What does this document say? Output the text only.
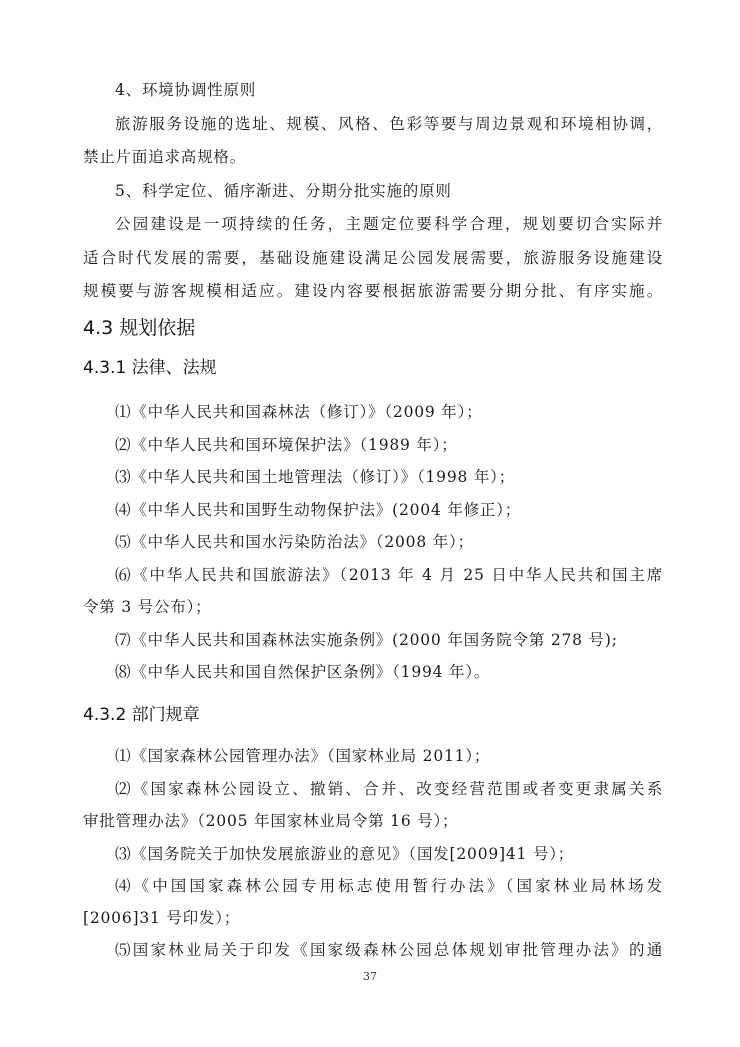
4、环境协调性原则
旅游服务设施的选址、规模、风格、色彩等要与周边景观和环境相协调，
禁止片面追求高规格。
5、科学定位、循序渐进、分期分批实施的原则
公园建设是一项持续的任务，主题定位要科学合理，规划要切合实际并
适合时代发展的需要，基础设施建设满足公园发展需要，旅游服务设施建设
规模要与游客规模相适应。建设内容要根据旅游需要分期分批、有序实施。
4.3 规划依据
4.3.1 法律、法规
⑴《中华人民共和国森林法（修订）》（2009 年）；
⑵《中华人民共和国环境保护法》（1989 年）；
⑶《中华人民共和国土地管理法（修订）》（1998 年）；
⑷《中华人民共和国野生动物保护法》(2004 年修正）；
⑸《中华人民共和国水污染防治法》（2008 年）；
⑹《中华人民共和国旅游法》（2013 年 4 月 25 日中华人民共和国主席
令第 3 号公布）；
⑺《中华人民共和国森林法实施条例》(2000 年国务院令第 278 号);
⑻《中华人民共和国自然保护区条例》（1994 年）。
4.3.2 部门规章
⑴《国家森林公园管理办法》（国家林业局 2011）；
⑵《国家森林公园设立、撤销、合并、改变经营范围或者变更隶属关系
审批管理办法》（2005 年国家林业局令第 16 号）；
⑶《国务院关于加快发展旅游业的意见》（国发[2009]41 号）；
⑷《中国国家森林公园专用标志使用暂行办法》（国家林业局林场发
[2006]31 号印发）；
⑸国家林业局关于印发《国家级森林公园总体规划审批管理办法》的通
37
